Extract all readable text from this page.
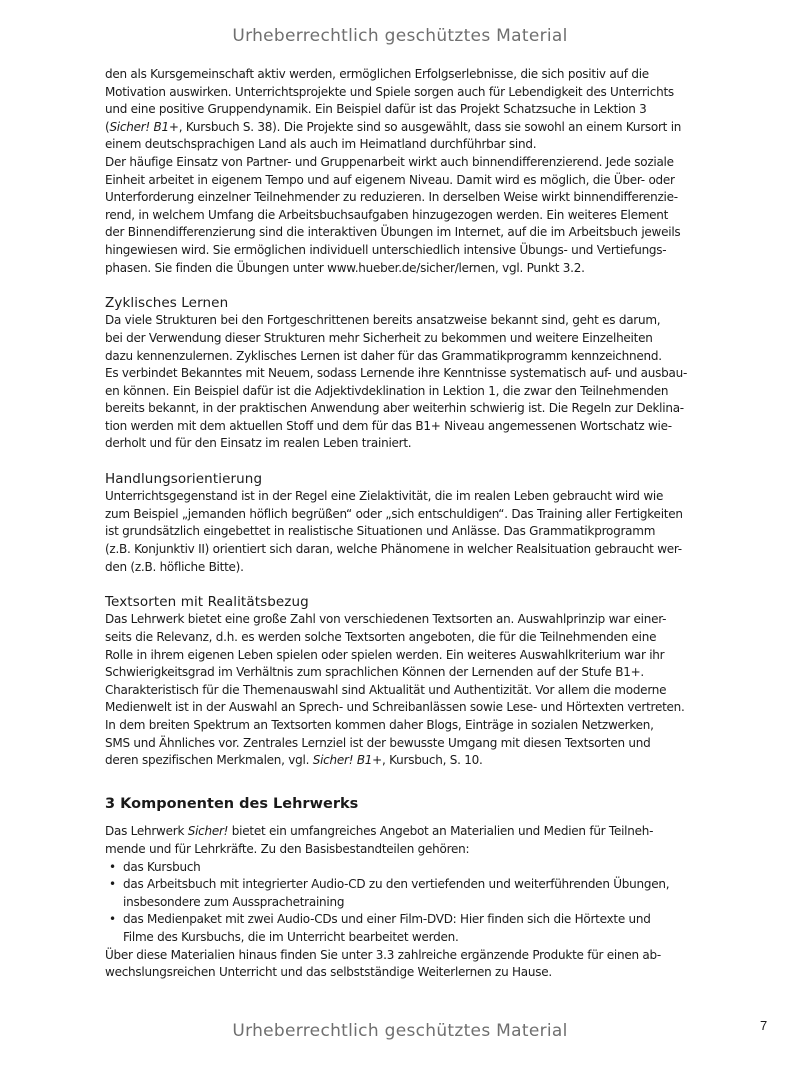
Urheberrechtlich geschütztes Material
den als Kursgemeinschaft aktiv werden, ermöglichen Erfolgserlebnisse, die sich positiv auf die
Motivation auswirken. Unterrichtsprojekte und Spiele sorgen auch für Lebendigkeit des Unterrichts
und eine positive Gruppendynamik. Ein Beispiel dafür ist das Projekt Schatzsuche in Lektion 3
(Sicher! B1+, Kursbuch S. 38). Die Projekte sind so ausgewählt, dass sie sowohl an einem Kursort in
einem deutschsprachigen Land als auch im Heimatland durchführbar sind.
Der häufige Einsatz von Partner- und Gruppenarbeit wirkt auch binnendifferenzierend. Jede soziale
Einheit arbeitet in eigenem Tempo und auf eigenem Niveau. Damit wird es möglich, die Über- oder
Unterforderung einzelner Teilnehmender zu reduzieren. In derselben Weise wirkt binnendifferenzie-
rend, in welchem Umfang die Arbeitsbuchsaufgaben hinzugezogen werden. Ein weiteres Element
der Binnendifferenzierung sind die interaktiven Übungen im Internet, auf die im Arbeitsbuch jeweils
hingewiesen wird. Sie ermöglichen individuell unterschiedlich intensive Übungs- und Vertiefungs-
phasen. Sie finden die Übungen unter www.hueber.de/sicher/lernen, vgl. Punkt 3.2.
Zyklisches Lernen
Da viele Strukturen bei den Fortgeschrittenen bereits ansatzweise bekannt sind, geht es darum,
bei der Verwendung dieser Strukturen mehr Sicherheit zu bekommen und weitere Einzelheiten
dazu kennenzulernen. Zyklisches Lernen ist daher für das Grammatikprogramm kennzeichnend.
Es verbindet Bekanntes mit Neuem, sodass Lernende ihre Kenntnisse systematisch auf- und ausbau-
en können. Ein Beispiel dafür ist die Adjektivdeklination in Lektion 1, die zwar den Teilnehmenden
bereits bekannt, in der praktischen Anwendung aber weiterhin schwierig ist. Die Regeln zur Deklina-
tion werden mit dem aktuellen Stoff und dem für das B1+ Niveau angemessenen Wortschatz wie-
derholt und für den Einsatz im realen Leben trainiert.
Handlungsorientierung
Unterrichtsgegenstand ist in der Regel eine Zielaktivität, die im realen Leben gebraucht wird wie
zum Beispiel „jemanden höflich begrüßen“ oder „sich entschuldigen“. Das Training aller Fertigkeiten
ist grundsätzlich eingebettet in realistische Situationen und Anlässe. Das Grammatikprogramm
(z.B. Konjunktiv II) orientiert sich daran, welche Phänomene in welcher Realsituation gebraucht wer-
den (z.B. höfliche Bitte).
Textsorten mit Realitätsbezug
Das Lehrwerk bietet eine große Zahl von verschiedenen Textsorten an. Auswahlprinzip war einer-
seits die Relevanz, d.h. es werden solche Textsorten angeboten, die für die Teilnehmenden eine
Rolle in ihrem eigenen Leben spielen oder spielen werden. Ein weiteres Auswahlkriterium war ihr
Schwierigkeitsgrad im Verhältnis zum sprachlichen Können der Lernenden auf der Stufe B1+.
Charakteristisch für die Themenauswahl sind Aktualität und Authentizität. Vor allem die moderne
Medienwelt ist in der Auswahl an Sprech- und Schreibanlässen sowie Lese- und Hörtexten vertreten.
In dem breiten Spektrum an Textsorten kommen daher Blogs, Einträge in sozialen Netzwerken,
SMS und Ähnliches vor. Zentrales Lernziel ist der bewusste Umgang mit diesen Textsorten und
deren spezifischen Merkmalen, vgl. Sicher! B1+, Kursbuch, S. 10.
3 Komponenten des Lehrwerks
Das Lehrwerk Sicher! bietet ein umfangreiches Angebot an Materialien und Medien für Teilneh-
mende und für Lehrkräfte. Zu den Basisbestandteilen gehören:
• das Kursbuch
• das Arbeitsbuch mit integrierter Audio-CD zu den vertiefenden und weiterführenden Übungen,
insbesondere zum Aussprachetraining
• das Medienpaket mit zwei Audio-CDs und einer Film-DVD: Hier finden sich die Hörtexte und
Filme des Kursbuchs, die im Unterricht bearbeitet werden.
Über diese Materialien hinaus finden Sie unter 3.3 zahlreiche ergänzende Produkte für einen ab-
wechslungsreichen Unterricht und das selbstständige Weiterlernen zu Hause.
Urheberrechtlich geschütztes Material	7
